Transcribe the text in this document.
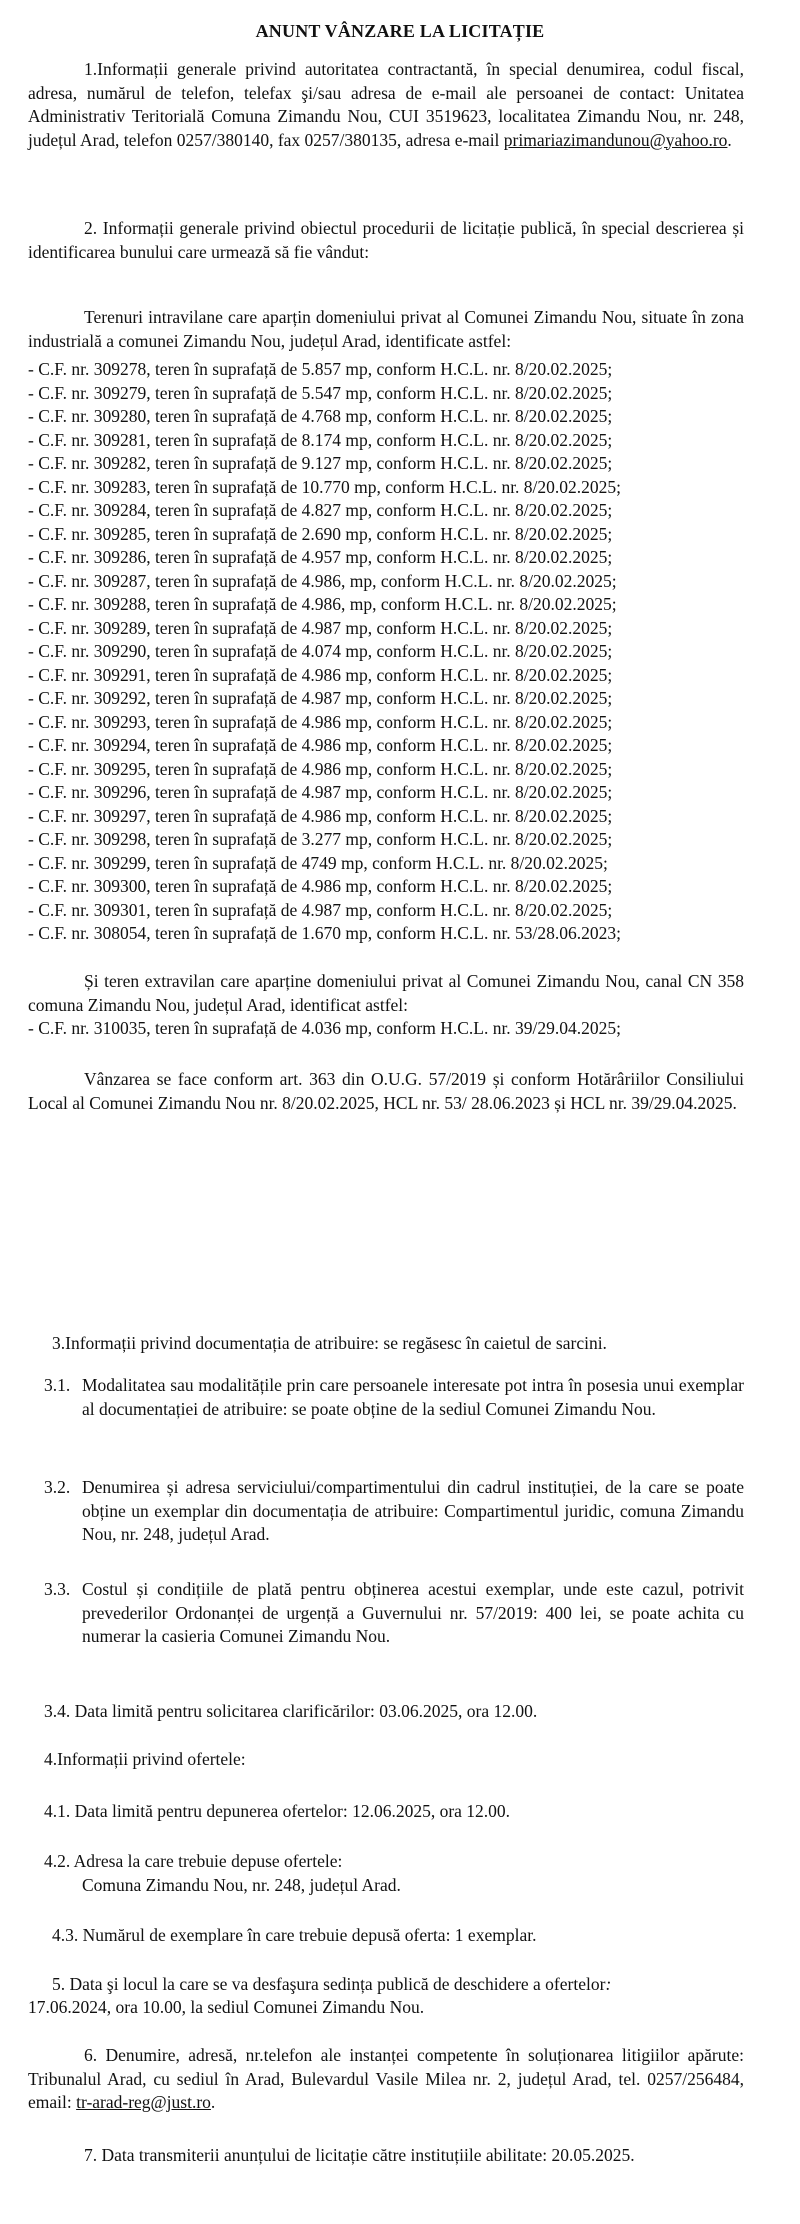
ANUNT VÂNZARE LA LICITAȚIE

1.Informații generale privind autoritatea contractantă, în special denumirea, codul fiscal, adresa, numărul de telefon, telefax şi/sau adresa de e-mail ale persoanei de contact: Unitatea Administrativ Teritorială Comuna Zimandu Nou, CUI 3519623, localitatea Zimandu Nou, nr. 248, județul Arad, telefon 0257/380140, fax 0257/380135, adresa e-mail primariazimandunou@yahoo.ro.

2. Informații generale privind obiectul procedurii de licitație publică, în special descrierea și identificarea bunului care urmează să fie vândut:

Terenuri intravilane care aparțin domeniului privat al Comunei Zimandu Nou, situate în zona industrială a comunei Zimandu Nou, județul Arad, identificate astfel:

- C.F. nr. 309278, teren în suprafață de 5.857 mp, conform H.C.L. nr. 8/20.02.2025;
- C.F. nr. 309279, teren în suprafață de 5.547 mp, conform H.C.L. nr. 8/20.02.2025;
- C.F. nr. 309280, teren în suprafață de 4.768 mp, conform H.C.L. nr. 8/20.02.2025;
- C.F. nr. 309281, teren în suprafață de 8.174 mp, conform H.C.L. nr. 8/20.02.2025;
- C.F. nr. 309282, teren în suprafață de 9.127 mp, conform H.C.L. nr. 8/20.02.2025;
- C.F. nr. 309283, teren în suprafață de 10.770 mp, conform H.C.L. nr. 8/20.02.2025;
- C.F. nr. 309284, teren în suprafață de 4.827 mp, conform H.C.L. nr. 8/20.02.2025;
- C.F. nr. 309285, teren în suprafață de 2.690 mp, conform H.C.L. nr. 8/20.02.2025;
- C.F. nr. 309286, teren în suprafață de 4.957 mp, conform H.C.L. nr. 8/20.02.2025;
- C.F. nr. 309287, teren în suprafață de 4.986, mp, conform H.C.L. nr. 8/20.02.2025;
- C.F. nr. 309288, teren în suprafață de 4.986, mp, conform H.C.L. nr. 8/20.02.2025;
- C.F. nr. 309289, teren în suprafață de 4.987 mp, conform H.C.L. nr. 8/20.02.2025;
- C.F. nr. 309290, teren în suprafață de 4.074 mp, conform H.C.L. nr. 8/20.02.2025;
- C.F. nr. 309291, teren în suprafață de 4.986 mp, conform H.C.L. nr. 8/20.02.2025;
- C.F. nr. 309292, teren în suprafață de 4.987 mp, conform H.C.L. nr. 8/20.02.2025;
- C.F. nr. 309293, teren în suprafață de 4.986 mp, conform H.C.L. nr. 8/20.02.2025;
- C.F. nr. 309294, teren în suprafață de 4.986 mp, conform H.C.L. nr. 8/20.02.2025;
- C.F. nr. 309295, teren în suprafață de 4.986 mp, conform H.C.L. nr. 8/20.02.2025;
- C.F. nr. 309296, teren în suprafață de 4.987 mp, conform H.C.L. nr. 8/20.02.2025;
- C.F. nr. 309297, teren în suprafață de 4.986 mp, conform H.C.L. nr. 8/20.02.2025;
- C.F. nr. 309298, teren în suprafață de 3.277 mp, conform H.C.L. nr. 8/20.02.2025;
- C.F. nr. 309299, teren în suprafață de 4749 mp, conform H.C.L. nr. 8/20.02.2025;
- C.F. nr. 309300, teren în suprafață de 4.986 mp, conform H.C.L. nr. 8/20.02.2025;
- C.F. nr. 309301, teren în suprafață de 4.987 mp, conform H.C.L. nr. 8/20.02.2025;
- C.F. nr. 308054, teren în suprafață de 1.670 mp, conform H.C.L. nr. 53/28.06.2023;

Și teren extravilan care aparține domeniului privat al Comunei Zimandu Nou, canal CN 358 comuna Zimandu Nou, județul Arad, identificat astfel:

- C.F. nr. 310035, teren în suprafață de 4.036 mp, conform H.C.L. nr. 39/29.04.2025;

Vânzarea se face conform art. 363 din O.U.G. 57/2019 și conform Hotărâriilor Consiliului Local al Comunei Zimandu Nou nr. 8/20.02.2025, HCL nr. 53/ 28.06.2023 și HCL nr. 39/29.04.2025.

3.Informații privind documentația de atribuire: se regăsesc în caietul de sarcini.

3.1. Modalitatea sau modalitățile prin care persoanele interesate pot intra în posesia unui exemplar al documentației de atribuire: se poate obține de la sediul Comunei Zimandu Nou.

3.2. Denumirea și adresa serviciului/compartimentului din cadrul instituției, de la care se poate obține un exemplar din documentația de atribuire: Compartimentul juridic, comuna Zimandu Nou, nr. 248, județul Arad.

3.3. Costul și condițiile de plată pentru obținerea acestui exemplar, unde este cazul, potrivit prevederilor Ordonanței de urgență a Guvernului nr. 57/2019: 400 lei, se poate achita cu numerar la casieria Comunei Zimandu Nou.

3.4. Data limită pentru solicitarea clarificărilor: 03.06.2025, ora 12.00.

4.Informații privind ofertele:

4.1. Data limită pentru depunerea ofertelor: 12.06.2025, ora 12.00.

4.2. Adresa la care trebuie depuse ofertele:

Comuna Zimandu Nou, nr. 248, județul Arad.

4.3. Numărul de exemplare în care trebuie depusă oferta: 1 exemplar.

5. Data şi locul la care se va desfaşura sedința publică de deschidere a ofertelor:

17.06.2024, ora 10.00, la sediul Comunei Zimandu Nou.

6. Denumire, adresă, nr.telefon ale instanței competente în soluționarea litigiilor apărute: Tribunalul Arad, cu sediul în Arad, Bulevardul Vasile Milea nr. 2, județul Arad, tel. 0257/256484, email: tr-arad-reg@just.ro.

7. Data transmiterii anunțului de licitație către instituțiile abilitate: 20.05.2025.
